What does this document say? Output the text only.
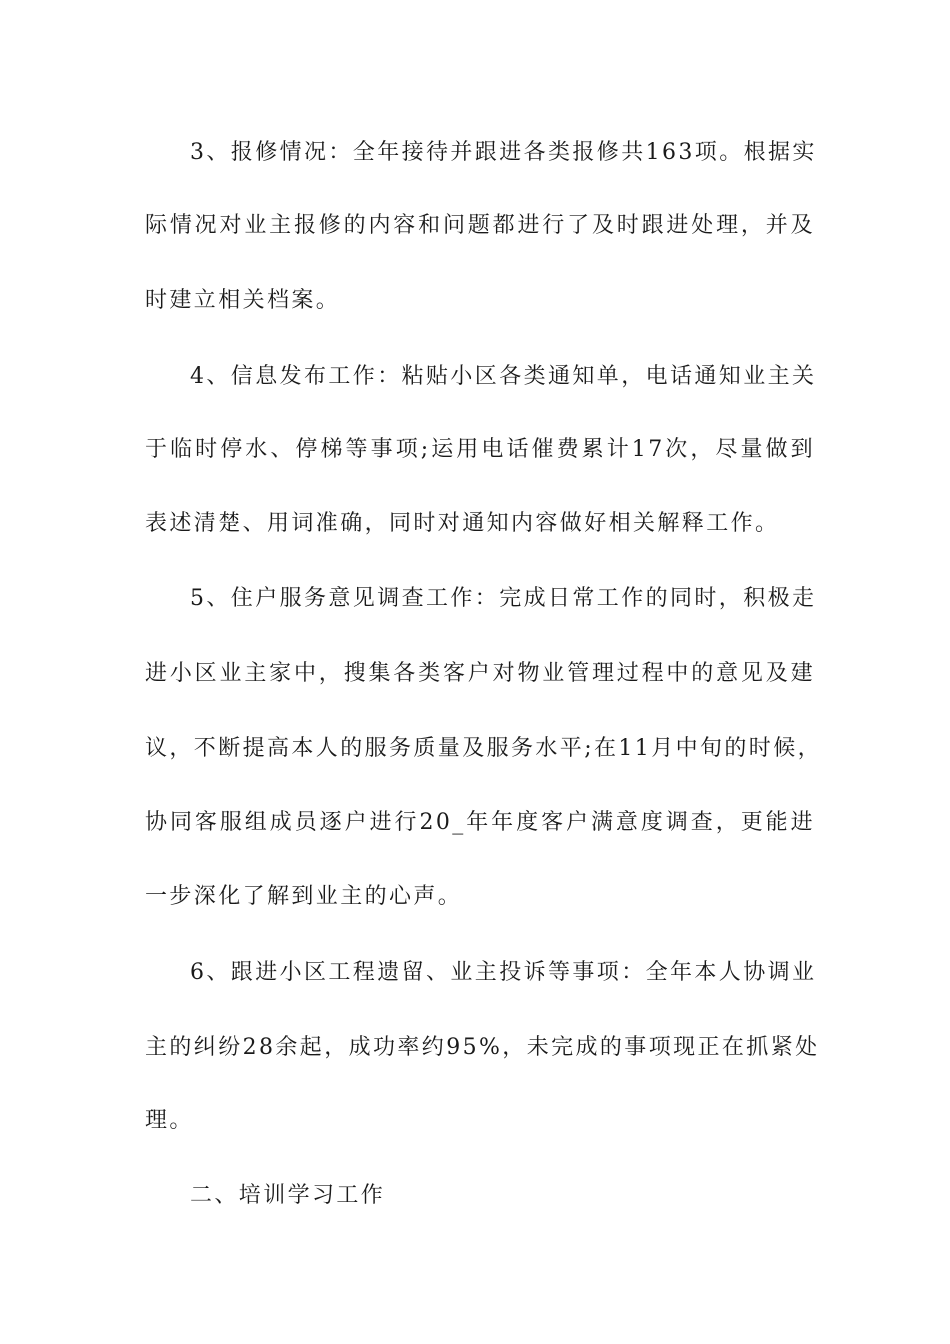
3、报修情况：全年接待并跟进各类报修共163项。根据实
际情况对业主报修的内容和问题都进行了及时跟进处理，并及
时建立相关档案。
4、信息发布工作：粘贴小区各类通知单，电话通知业主关
于临时停水、停梯等事项;运用电话催费累计17次，尽量做到
表述清楚、用词准确，同时对通知内容做好相关解释工作。
5、住户服务意见调查工作：完成日常工作的同时，积极走
进小区业主家中，搜集各类客户对物业管理过程中的意见及建
议，不断提高本人的服务质量及服务水平;在11月中旬的时候，
协同客服组成员逐户进行20_年年度客户满意度调查，更能进
一步深化了解到业主的心声。
6、跟进小区工程遗留、业主投诉等事项：全年本人协调业
主的纠纷28余起，成功率约95%，未完成的事项现正在抓紧处
理。
二、培训学习工作
